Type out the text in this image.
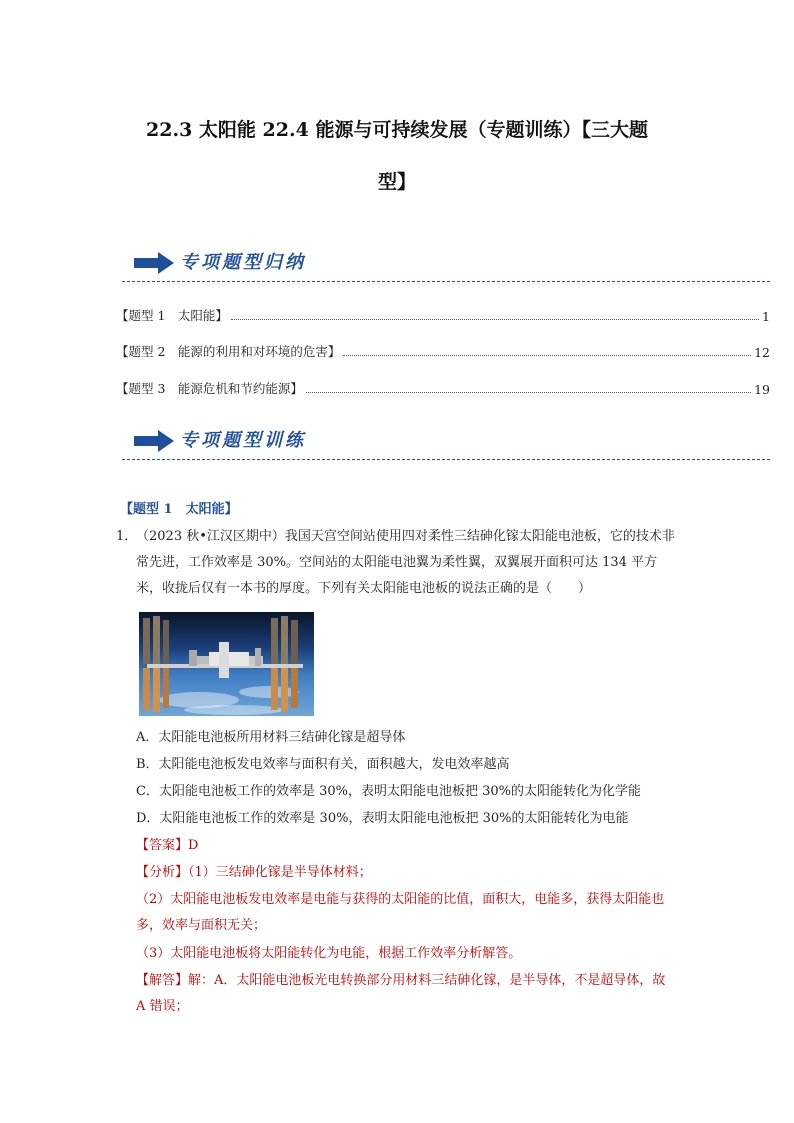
22.3 太阳能 22.4 能源与可持续发展（专题训练）【三大题
型】
专项题型归纳
【题型 1　太阳能】	1
【题型 2　能源的利用和对环境的危害】	12
【题型 3　能源危机和节约能源】	19
专项题型训练
【题型 1　太阳能】
1．
（2023 秋•江汉区期中）我国天宫空间站使用四对柔性三结砷化镓太阳能电池板，它的技术非常先进，工作效率是 30%。空间站的太阳能电池翼为柔性翼，双翼展开面积可达 134 平方米，收拢后仅有一本书的厚度。下列有关太阳能电池板的说法正确的是（　　）
A．太阳能电池板所用材料三结砷化镓是超导体
B．太阳能电池板发电效率与面积有关，面积越大，发电效率越高
C．太阳能电池板工作的效率是 30%，表明太阳能电池板把 30%的太阳能转化为化学能
D．太阳能电池板工作的效率是 30%，表明太阳能电池板把 30%的太阳能转化为电能
【答案】D
【分析】（1）三结砷化镓是半导体材料；
（2）太阳能电池板发电效率是电能与获得的太阳能的比值，面积大，电能多，获得太阳能也多，效率与面积无关；
（3）太阳能电池板将太阳能转化为电能，根据工作效率分析解答。
【解答】解：A．太阳能电池板光电转换部分用材料三结砷化镓，是半导体，不是超导体，故 A 错误；
